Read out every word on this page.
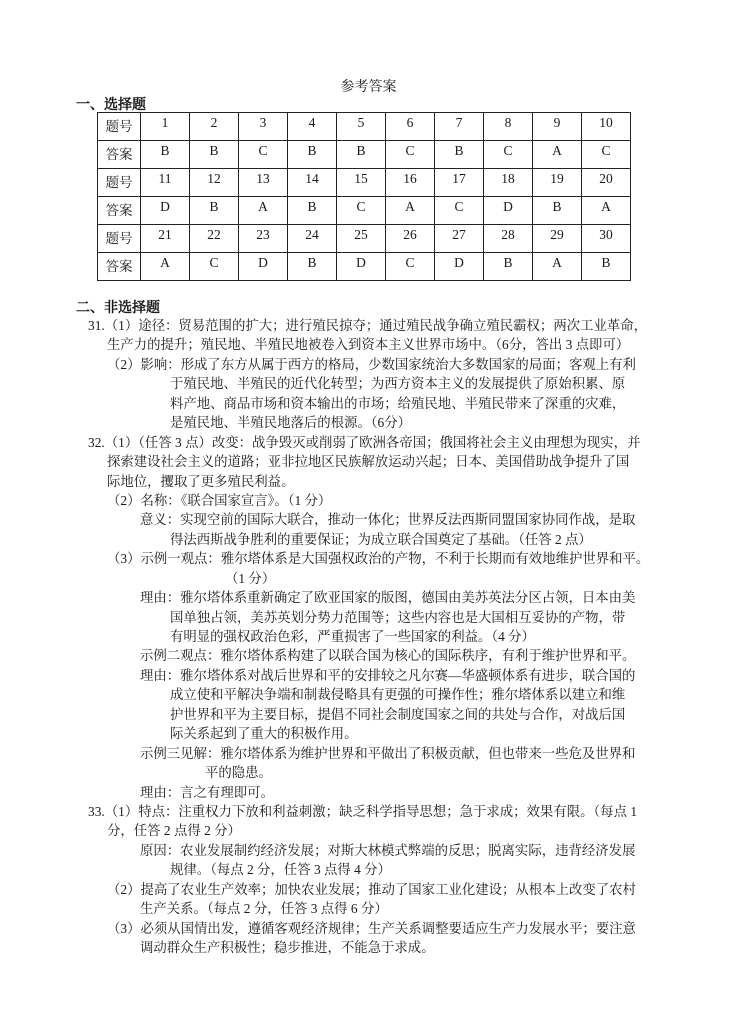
参考答案
一、选择题
题号	1	2	3	4	5	6	7	8	9	10
答案	B	B	C	B	B	C	B	C	A	C
题号	11	12	13	14	15	16	17	18	19	20
答案	D	B	A	B	C	A	C	D	B	A
题号	21	22	23	24	25	26	27	28	29	30
答案	A	C	D	B	D	C	D	B	A	B
二、非选择题
31.（1）途径：贸易范围的扩大；进行殖民掠夺；通过殖民战争确立殖民霸权；两次工业革命，
生产力的提升；殖民地、半殖民地被卷入到资本主义世界市场中。（6分，答出 3 点即可）
（2）影响：形成了东方从属于西方的格局，少数国家统治大多数国家的局面；客观上有利
于殖民地、半殖民的近代化转型；为西方资本主义的发展提供了原始积累、原
料产地、商品市场和资本输出的市场；给殖民地、半殖民带来了深重的灾难，
是殖民地、半殖民地落后的根源。（6分）
32.（1）（任答 3 点）改变：战争毁灭或削弱了欧洲各帝国；俄国将社会主义由理想为现实，并
探索建设社会主义的道路；亚非拉地区民族解放运动兴起；日本、美国借助战争提升了国
际地位，攫取了更多殖民利益。
（2）名称：《联合国家宣言》。（1 分）
意义：实现空前的国际大联合，推动一体化；世界反法西斯同盟国家协同作战，是取
得法西斯战争胜利的重要保证；为成立联合国奠定了基础。（任答 2 点）
（3）示例一观点：雅尔塔体系是大国强权政治的产物，不利于长期而有效地维护世界和平。
（1 分）
理由：雅尔塔体系重新确定了欧亚国家的版图，德国由美苏英法分区占领，日本由美
国单独占领，美苏英划分势力范围等；这些内容也是大国相互妥协的产物，带
有明显的强权政治色彩，严重损害了一些国家的利益。（4 分）
示例二观点：雅尔塔体系构建了以联合国为核心的国际秩序，有利于维护世界和平。
理由：雅尔塔体系对战后世界和平的安排较之凡尔赛—华盛顿体系有进步，联合国的
成立使和平解决争端和制裁侵略具有更强的可操作性；雅尔塔体系以建立和维
护世界和平为主要目标，提倡不同社会制度国家之间的共处与合作，对战后国
际关系起到了重大的积极作用。
示例三见解：雅尔塔体系为维护世界和平做出了积极贡献，但也带来一些危及世界和
平的隐患。
理由：言之有理即可。
33.（1）特点：注重权力下放和利益刺激；缺乏科学指导思想；急于求成；效果有限。（每点 1
分，任答 2 点得 2 分）
原因：农业发展制约经济发展；对斯大林模式弊端的反思；脱离实际，违背经济发展
规律。（每点 2 分，任答 3 点得 4 分）
（2）提高了农业生产效率；加快农业发展；推动了国家工业化建设；从根本上改变了农村
生产关系。（每点 2 分，任答 3 点得 6 分）
（3）必须从国情出发，遵循客观经济规律；生产关系调整要适应生产力发展水平；要注意
调动群众生产积极性；稳步推进，不能急于求成。
